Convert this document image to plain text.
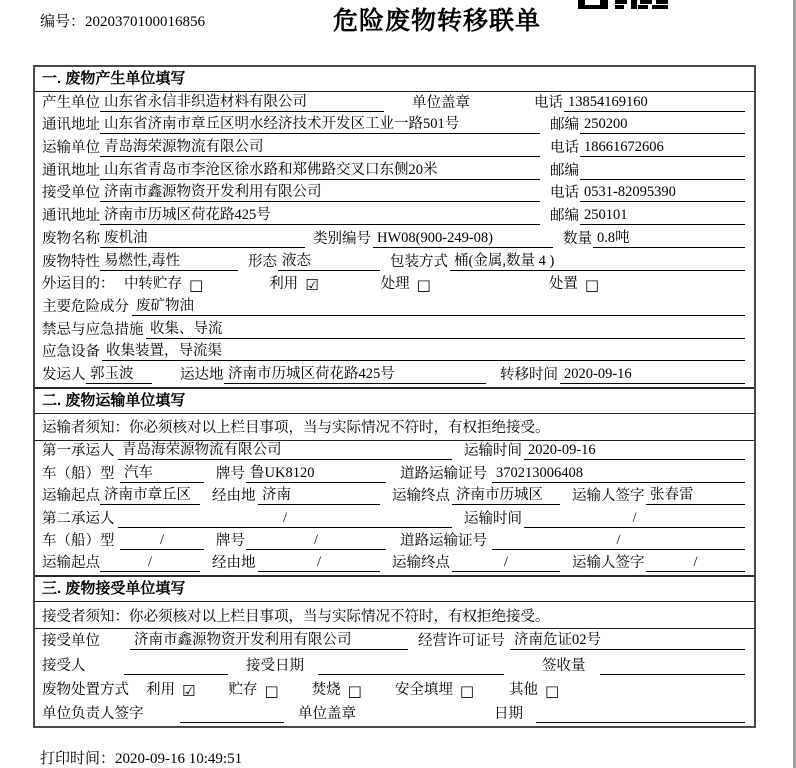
编号：2020370100016856	危险废物转移联单
一. 废物产生单位填写
产生单位 山东省永信非织造材料有限公司	单位盖章	电话 13854169160
通讯地址 山东省济南市章丘区明水经济技术开发区工业一路501号	邮编 250200
运输单位 青岛海荣源物流有限公司	电话 18661672606
通讯地址 山东省青岛市李沧区徐水路和郑佛路交叉口东侧20米	邮编
接受单位 济南市鑫源物资开发利用有限公司	电话 0531-82095390
通讯地址 济南市历城区荷花路425号	邮编 250101
废物名称 废机油	类别编号 HW08(900-249-08)	数量 0.8吨
废物特性 易燃性,毒性	形态 液态	包装方式 桶(金属,数量 4 )
外运目的： 中转贮存 □	利用 ☑	处理 □	处置 □
主要危险成分 废矿物油
禁忌与应急措施 收集、导流
应急设备 收集装置，导流渠
发运人 郭玉波	运达地 济南市历城区荷花路425号	转移时间 2020-09-16
二. 废物运输单位填写
运输者须知：你必须核对以上栏目事项，当与实际情况不符时，有权拒绝接受。
第一承运人 青岛海荣源物流有限公司	运输时间 2020-09-16
车（船）型 汽车	牌号 鲁UK8120	道路运输证号 370213006408
运输起点 济南市章丘区	经由地 济南	运输终点 济南市历城区	运输人签字 张春雷
第二承运人	/	运输时间	/
车（船）型	/	牌号	/	道路运输证号	/
运输起点	/	经由地	/	运输终点	/	运输人签字	/
三. 废物接受单位填写
接受者须知：你必须核对以上栏目事项，当与实际情况不符时，有权拒绝接受。
接受单位	济南市鑫源物资开发利用有限公司	经营许可证号 济南危证02号
接受人	接受日期	签收量
废物处置方式 利用 ☑ 贮存 □ 焚烧 □ 安全填埋 □ 其他 □
单位负责人签字	单位盖章	日期
打印时间：2020-09-16 10:49:51
